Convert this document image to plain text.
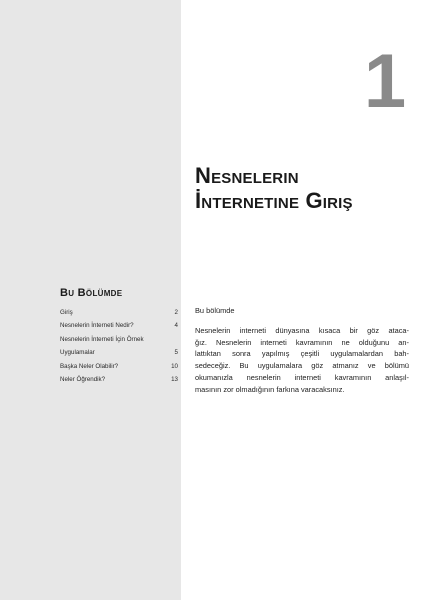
1
Nesnelerin
İnternetine Giriş
Bu Bölümde
Giriş	2
Nesnelerin İnterneti Nedir?	4
Nesnelerin İnterneti İçin Örnek
Uygulamalar	5
Başka Neler Olabilir?	10
Neler Öğrendik?	13
Bu bölümde
Nesnelerin interneti dünyasına kısaca bir göz ataca-
ğız. Nesnelerin interneti kavramının ne olduğunu an-
lattıktan sonra yapılmış çeşitli uygulamalardan bah-
sedeceğiz. Bu uygulamalara göz atmanız ve bölümü
okumanızla nesnelerin interneti kavramının anlaşıl-
masının zor olmadığının farkına varacaksınız.
